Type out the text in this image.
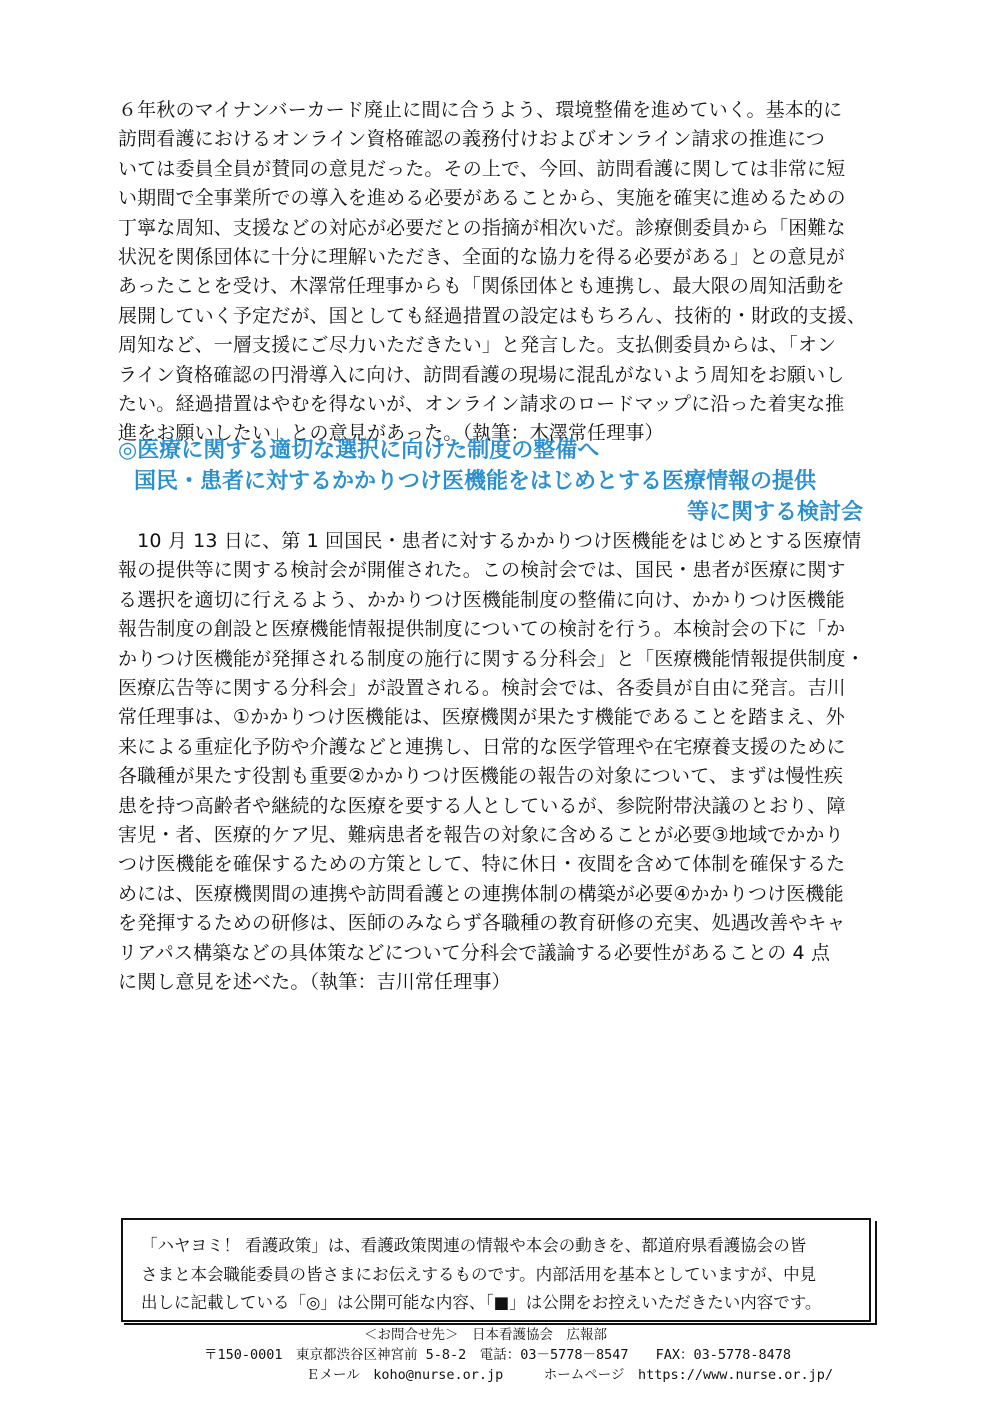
６年秋のマイナンバーカード廃止に間に合うよう、環境整備を進めていく。基本的に
訪問看護におけるオンライン資格確認の義務付けおよびオンライン請求の推進につ
いては委員全員が賛同の意見だった。その上で、今回、訪問看護に関しては非常に短
い期間で全事業所での導入を進める必要があることから、実施を確実に進めるための
丁寧な周知、支援などの対応が必要だとの指摘が相次いだ。診療側委員から「困難な
状況を関係団体に十分に理解いただき、全面的な協力を得る必要がある」との意見が
あったことを受け、木澤常任理事からも「関係団体とも連携し、最大限の周知活動を
展開していく予定だが、国としても経過措置の設定はもちろん、技術的・財政的支援、
周知など、一層支援にご尽力いただきたい」と発言した。支払側委員からは、「オン
ライン資格確認の円滑導入に向け、訪問看護の現場に混乱がないよう周知をお願いし
たい。経過措置はやむを得ないが、オンライン請求のロードマップに沿った着実な推
進をお願いしたい」との意見があった。（執筆：木澤常任理事）

◎医療に関する適切な選択に向けた制度の整備へ
国民・患者に対するかかりつけ医機能をはじめとする医療情報の提供
等に関する検討会

　10 月 13 日に、第 1 回国民・患者に対するかかりつけ医機能をはじめとする医療情
報の提供等に関する検討会が開催された。この検討会では、国民・患者が医療に関す
る選択を適切に行えるよう、かかりつけ医機能制度の整備に向け、かかりつけ医機能
報告制度の創設と医療機能情報提供制度についての検討を行う。本検討会の下に「か
かりつけ医機能が発揮される制度の施行に関する分科会」と「医療機能情報提供制度・
医療広告等に関する分科会」が設置される。検討会では、各委員が自由に発言。吉川
常任理事は、①かかりつけ医機能は、医療機関が果たす機能であることを踏まえ、外
来による重症化予防や介護などと連携し、日常的な医学管理や在宅療養支援のために
各職種が果たす役割も重要②かかりつけ医機能の報告の対象について、まずは慢性疾
患を持つ高齢者や継続的な医療を要する人としているが、参院附帯決議のとおり、障
害児・者、医療的ケア児、難病患者を報告の対象に含めることが必要③地域でかかり
つけ医機能を確保するための方策として、特に休日・夜間を含めて体制を確保するた
めには、医療機関間の連携や訪問看護との連携体制の構築が必要④かかりつけ医機能
を発揮するための研修は、医師のみならず各職種の教育研修の充実、処遇改善やキャ
リアパス構築などの具体策などについて分科会で議論する必要性があることの 4 点
に関し意見を述べた。（執筆：吉川常任理事）

「ハヤヨミ！ 看護政策」は、看護政策関連の情報や本会の動きを、都道府県看護協会の皆
さまと本会職能委員の皆さまにお伝えするものです。内部活用を基本としていますが、中見
出しに記載している「◎」は公開可能な内容、「■」は公開をお控えいただきたい内容です。

＜お問合せ先＞　日本看護協会　広報部

〒150-0001　東京都渋谷区神宮前 5-8-2　電話：03－5778－8547　　FAX：03-5778-8478

Ｅメール　koho@nurse.or.jp　　　ホームページ　https://www.nurse.or.jp/
